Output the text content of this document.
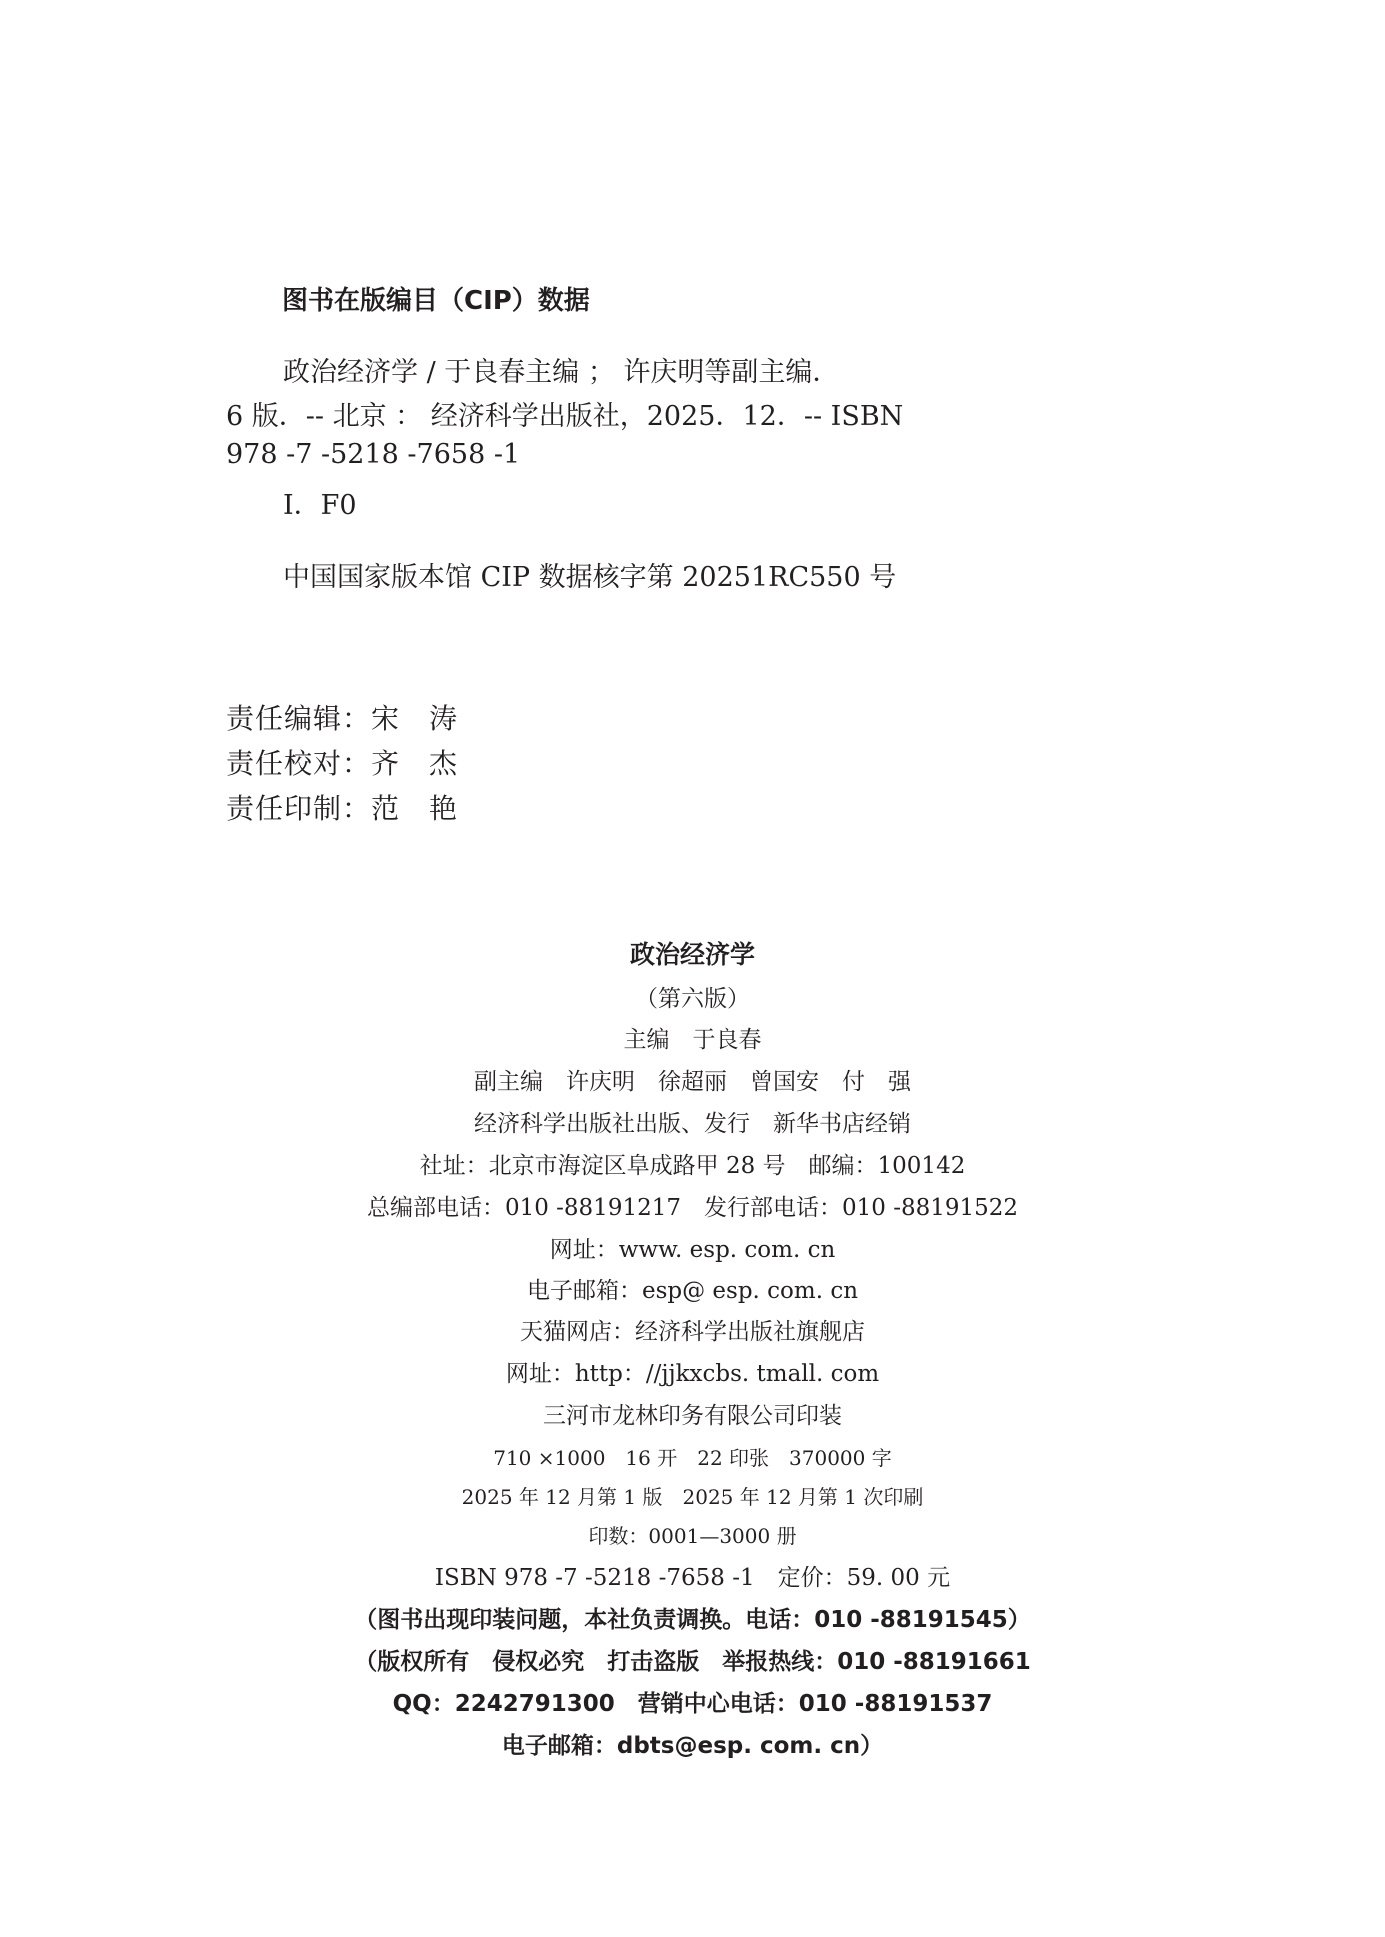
图书在版编目（CIP）数据
政治经济学 / 于良春主编 ； 许庆明等副主编．
6 版．-- 北京 ： 经济科学出版社，2025．12．-- ISBN
978 -7 -5218 -7658 -1
Ⅰ．F0
中国国家版本馆 CIP 数据核字第 20251RC550 号
责任编辑：宋　涛
责任校对：齐　杰
责任印制：范　艳
政治经济学
（第六版）
主编　于良春
副主编　许庆明　徐超丽　曾国安　付　强
经济科学出版社出版、发行　新华书店经销
社址：北京市海淀区阜成路甲 28 号　邮编：100142
总编部电话：010 -88191217　发行部电话：010 -88191522
网址：www. esp. com. cn
电子邮箱：esp@ esp. com. cn
天猫网店：经济科学出版社旗舰店
网址：http：//jjkxcbs. tmall. com
三河市龙林印务有限公司印装
710 ×1000　16 开　22 印张　370000 字
2025 年 12 月第 1 版　2025 年 12 月第 1 次印刷
印数：0001—3000 册
ISBN 978 -7 -5218 -7658 -1　定价：59. 00 元
（图书出现印装问题，本社负责调换。电话：010 -88191545）
（版权所有　侵权必究　打击盗版　举报热线：010 -88191661
QQ：2242791300　营销中心电话：010 -88191537
电子邮箱：dbts@esp. com. cn）
